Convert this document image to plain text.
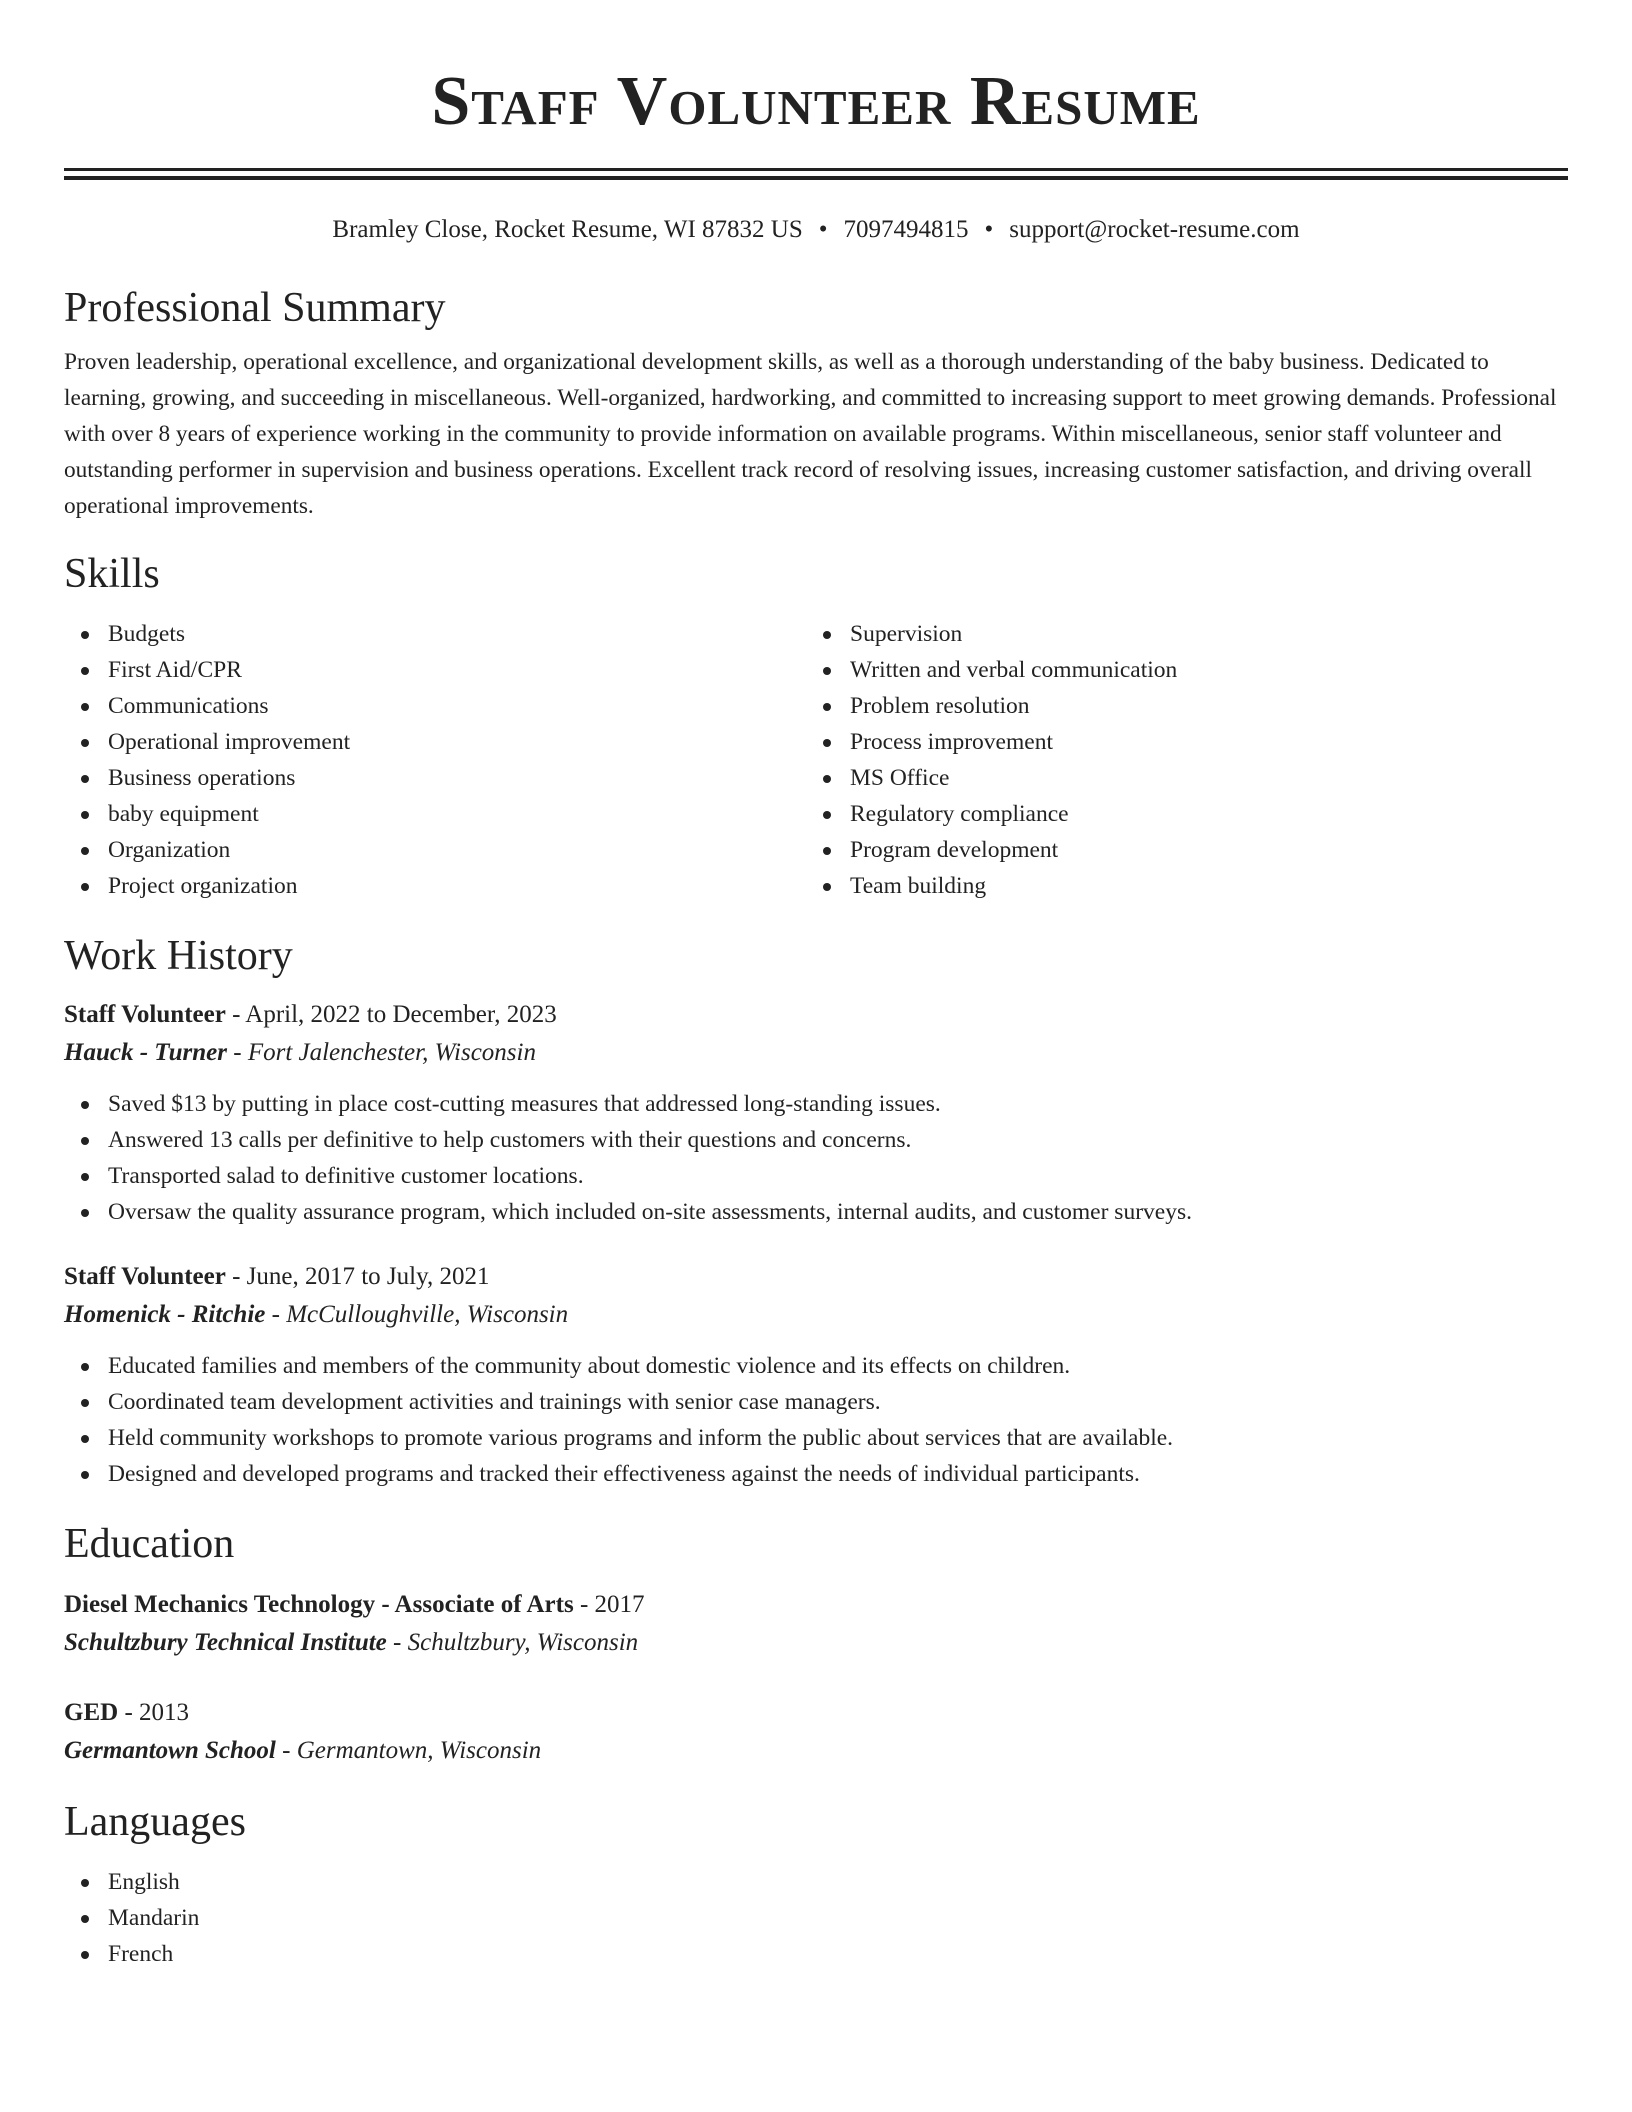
Staff Volunteer Resume
Bramley Close, Rocket Resume, WI 87832 US • 7097494815 • support@rocket-resume.com
Professional Summary

Proven leadership, operational excellence, and organizational development skills, as well as a thorough understanding of the baby business. Dedicated to learning, growing, and succeeding in miscellaneous. Well-organized, hardworking, and committed to increasing support to meet growing demands. Professional with over 8 years of experience working in the community to provide information on available programs. Within miscellaneous, senior staff volunteer and outstanding performer in supervision and business operations. Excellent track record of resolving issues, increasing customer satisfaction, and driving overall operational improvements.

Skills
Budgets
First Aid/CPR
Communications
Operational improvement
Business operations
baby equipment
Organization
Project organization
Supervision
Written and verbal communication
Problem resolution
Process improvement
MS Office
Regulatory compliance
Program development
Team building
Work History
Staff Volunteer - April, 2022 to December, 2023
Hauck - Turner - Fort Jalenchester, Wisconsin
Saved $13 by putting in place cost-cutting measures that addressed long-standing issues.
Answered 13 calls per definitive to help customers with their questions and concerns.
Transported salad to definitive customer locations.
Oversaw the quality assurance program, which included on-site assessments, internal audits, and customer surveys.
Staff Volunteer - June, 2017 to July, 2021
Homenick - Ritchie - McCulloughville, Wisconsin
Educated families and members of the community about domestic violence and its effects on children.
Coordinated team development activities and trainings with senior case managers.
Held community workshops to promote various programs and inform the public about services that are available.
Designed and developed programs and tracked their effectiveness against the needs of individual participants.
Education
Diesel Mechanics Technology - Associate of Arts - 2017
Schultzbury Technical Institute - Schultzbury, Wisconsin
GED - 2013
Germantown School - Germantown, Wisconsin
Languages
English
Mandarin
French
